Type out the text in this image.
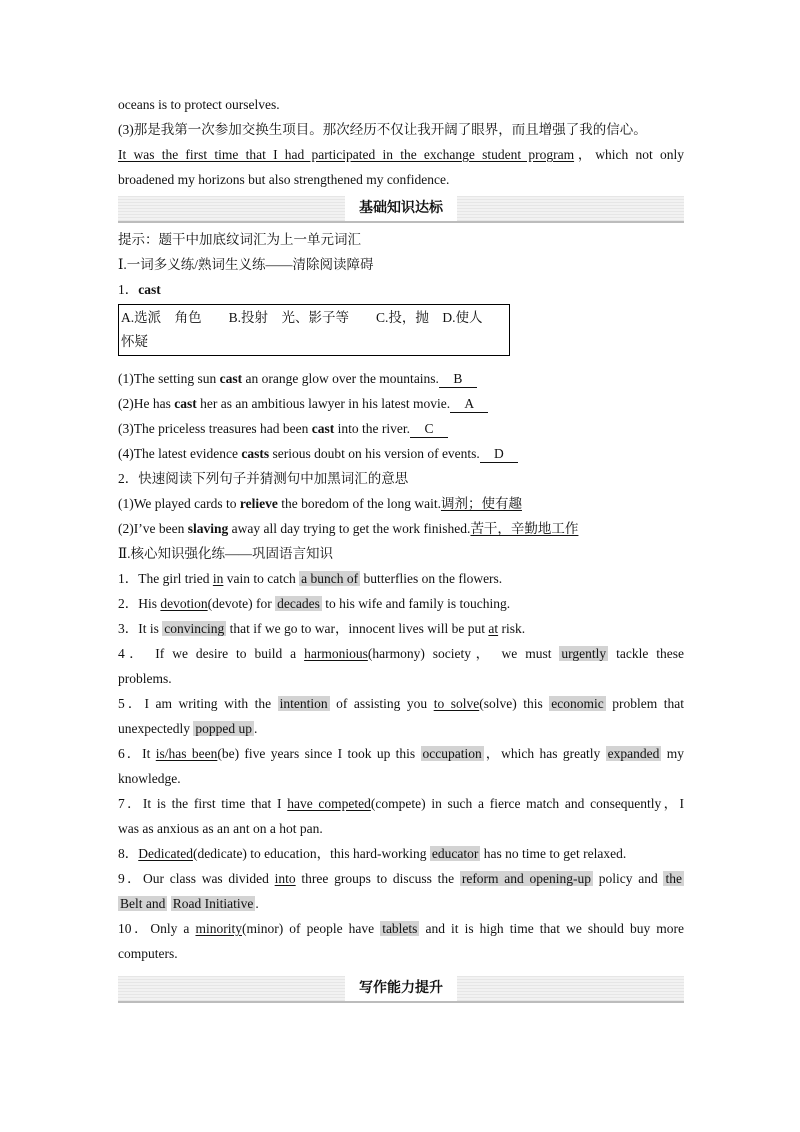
oceans is to protect ourselves.

(3)那是我第一次参加交换生项目。那次经历不仅让我开阔了眼界，而且增强了我的信心。

It was the first time that I had participated in the exchange student program，which not only

broadened my horizons but also strengthened my confidence.

基础知识达标

提示：题干中加底纹词汇为上一单元词汇

Ⅰ.一词多义练/熟词生义练——清除阅读障碍

1．cast

A.选派　角色　　B.投射　光、影子等　　C.投，抛　D.使人
怀疑

(1)The setting sun cast an orange glow over the mountains. B

(2)He has cast her as an ambitious lawyer in his latest movie. A

(3)The priceless treasures had been cast into the river. C

(4)The latest evidence casts serious doubt on his version of events. D

2．快速阅读下列句子并猜测句中加黑词汇的意思

(1)We played cards to relieve the boredom of the long wait.调剂；使有趣

(2)I’ve been slaving away all day trying to get the work finished.苦干，辛勤地工作

Ⅱ.核心知识强化练——巩固语言知识

1．The girl tried in vain to catch a bunch of butterflies on the flowers.

2．His devotion(devote) for decades to his wife and family is touching.

3．It is convincing that if we go to war，innocent lives will be put at risk.

4． If we desire to build a harmonious(harmony) society， we must urgently tackle these

problems.

5．I am writing with the intention of assisting you to solve(solve) this economic problem that

unexpectedly popped up .

6．It is/has been(be) five years since I took up this occupation ，which has greatly expanded my

knowledge.

7．It is the first time that I have competed(compete) in such a fierce match and consequently，I

was as anxious as an ant on a hot pan.

8．Dedicated(dedicate) to education，this hard-working educator has no time to get relaxed.

9．Our class was divided into three groups to discuss the reform and opening-up policy and the

Belt and Road Initiative .

10．Only a minority(minor) of people have tablets and it is high time that we should buy more

computers.

写作能力提升
